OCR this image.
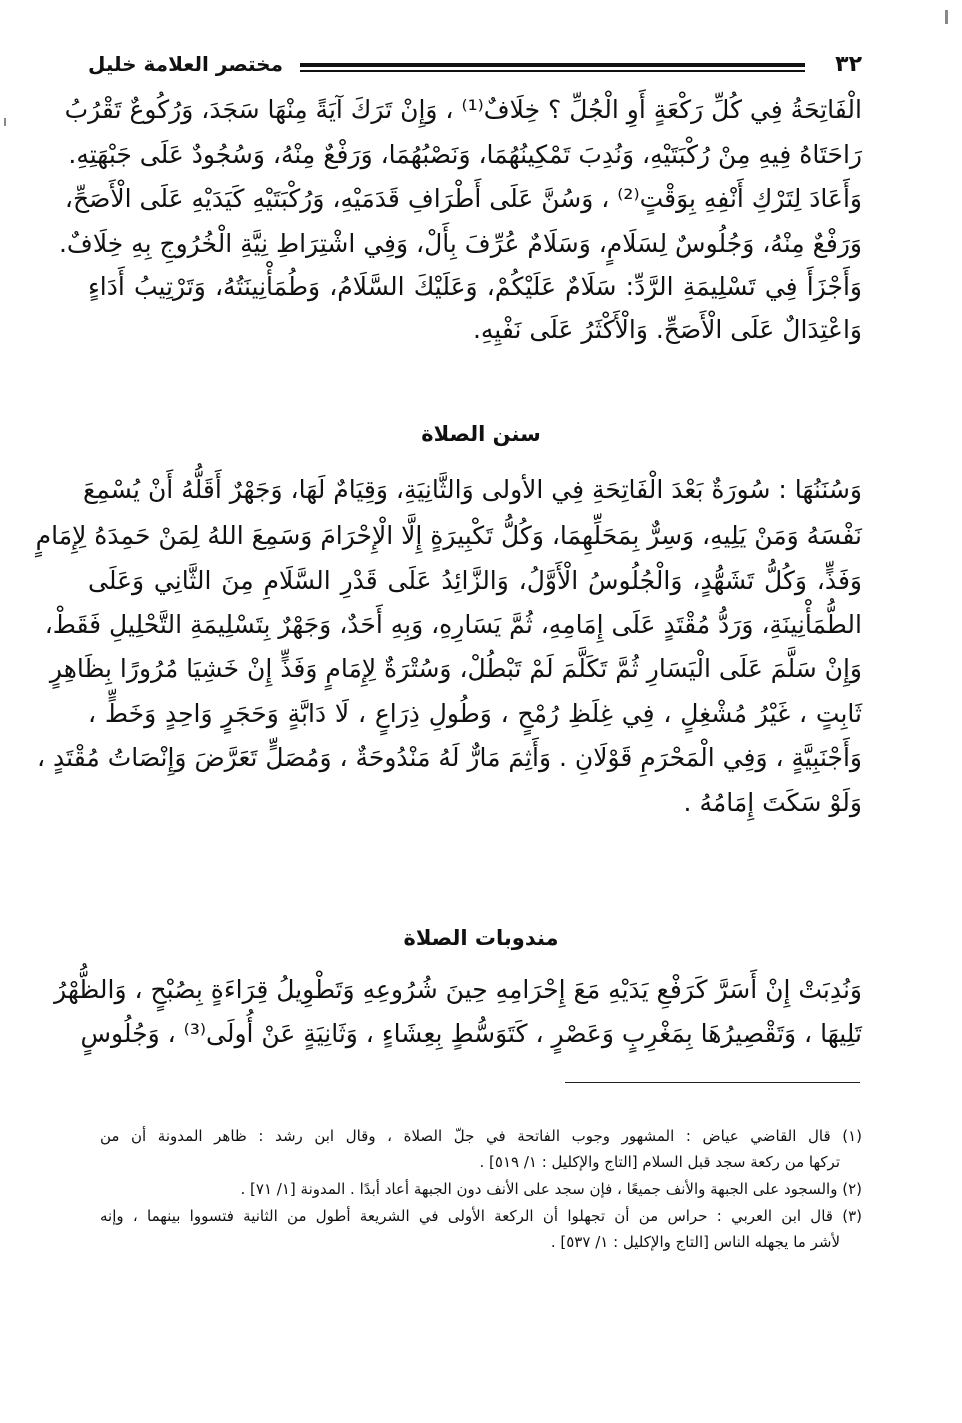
٣٢
مختصر العلامة خليل
الْفَاتِحَةُ فِي كُلِّ رَكْعَةٍ أَوِ الْجُلِّ ؟ خِلَافٌ⁽¹⁾ ، وَإِنْ تَرَكَ آيَةً مِنْهَا سَجَدَ، وَرُكُوعٌ تَقْرُبُ
رَاحَتَاهُ فِيهِ مِنْ رُكْبَتَيْهِ، وَنُدِبَ تَمْكِينُهُمَا، وَنَصْبُهُمَا، وَرَفْعٌ مِنْهُ، وَسُجُودٌ عَلَى جَبْهَتِهِ.
وَأَعَادَ لِتَرْكِ أَنْفِهِ بِوَقْتٍ⁽²⁾ ، وَسُنَّ عَلَى أَطْرَافِ قَدَمَيْهِ، وَرُكْبَتَيْهِ كَيَدَيْهِ عَلَى الْأَصَحِّ،
وَرَفْعٌ مِنْهُ، وَجُلُوسٌ لِسَلَامٍ، وَسَلَامٌ عُرِّفَ بِأَلْ، وَفِي اشْتِرَاطِ نِيَّةِ الْخُرُوجِ بِهِ خِلَافٌ.
وَأَجْزَأَ فِي تَسْلِيمَةِ الرَّدِّ: سَلَامٌ عَلَيْكُمْ، وَعَلَيْكَ السَّلَامُ، وَطُمَأْنِينَتُهُ، وَتَرْتِيبُ أَدَاءٍ
وَاعْتِدَالٌ عَلَى الْأَصَحِّ. وَالْأَكْثَرُ عَلَى نَفْيِهِ.
سنن الصلاة
وَسُنَنُهَا : سُورَةٌ بَعْدَ الْفَاتِحَةِ فِي الأولى وَالثَّانِيَةِ، وَقِيَامٌ لَهَا، وَجَهْرٌ أَقَلُّهُ أَنْ يُسْمِعَ
نَفْسَهُ وَمَنْ يَلِيهِ، وَسِرٌّ بِمَحَلِّهِمَا، وَكُلُّ تَكْبِيرَةٍ إِلَّا الْإِحْرَامَ وَسَمِعَ اللهُ لِمَنْ حَمِدَهُ لِإِمَامٍ
وَفَذٍّ، وَكُلُّ تَشَهُّدٍ، وَالْجُلُوسُ الْأَوَّلُ، وَالزَّائِدُ عَلَى قَدْرِ السَّلَامِ مِنَ الثَّانِي وَعَلَى
الطُّمَأْنِينَةِ، وَرَدُّ مُقْتَدٍ عَلَى إِمَامِهِ، ثُمَّ يَسَارِهِ، وَبِهِ أَحَدٌ، وَجَهْرٌ بِتَسْلِيمَةِ التَّحْلِيلِ فَقَطْ،
وَإِنْ سَلَّمَ عَلَى الْيَسَارِ ثُمَّ تَكَلَّمَ لَمْ تَبْطُلْ، وَسُتْرَةٌ لِإِمَامٍ وَفَذٍّ إِنْ خَشِيَا مُرُورًا بِظَاهِرٍ
ثَابِتٍ ، غَيْرُ مُشْغِلٍ ، فِي غِلَظِ رُمْحٍ ، وَطُولِ ذِرَاعٍ ، لَا دَابَّةٍ وَحَجَرٍ وَاحِدٍ وَخَطٍّ ،
وَأَجْنَبِيَّةٍ ، وَفِي الْمَحْرَمِ قَوْلَانِ . وَأَثِمَ مَارٌّ لَهُ مَنْدُوحَةٌ ، وَمُصَلٍّ تَعَرَّضَ وَإِنْصَاتُ مُقْتَدٍ ،
وَلَوْ سَكَتَ إِمَامُهُ .
مندوبات الصلاة
وَنُدِبَتْ إِنْ أَسَرَّ كَرَفْعِ يَدَيْهِ مَعَ إِحْرَامِهِ حِينَ شُرُوعِهِ وَتَطْوِيلُ قِرَاءَةٍ بِصُبْحٍ ، وَالظُّهْرُ
تَلِيهَا ، وَتَقْصِيرُهَا بِمَغْرِبٍ وَعَصْرٍ ، كَتَوَسُّطٍ بِعِشَاءٍ ، وَثَانِيَةٍ عَنْ أُولَى⁽³⁾ ، وَجُلُوسٍ
(١) قال القاضي عياض : المشهور وجوب الفاتحة في جلّ الصلاة ، وقال ابن رشد : ظاهر المدونة أن من
تركها من ركعة سجد قبل السلام [التاج والإكليل : ١/ ٥١٩] .
(٢) والسجود على الجبهة والأنف جميعًا ، فإن سجد على الأنف دون الجبهة أعاد أبدًا . المدونة [١/ ٧١] .
(٣) قال ابن العربي : حراس من أن تجهلوا أن الركعة الأولى في الشريعة أطول من الثانية فتسووا بينهما ، وإنه
لأشر ما يجهله الناس [التاج والإكليل : ١/ ٥٣٧] .
